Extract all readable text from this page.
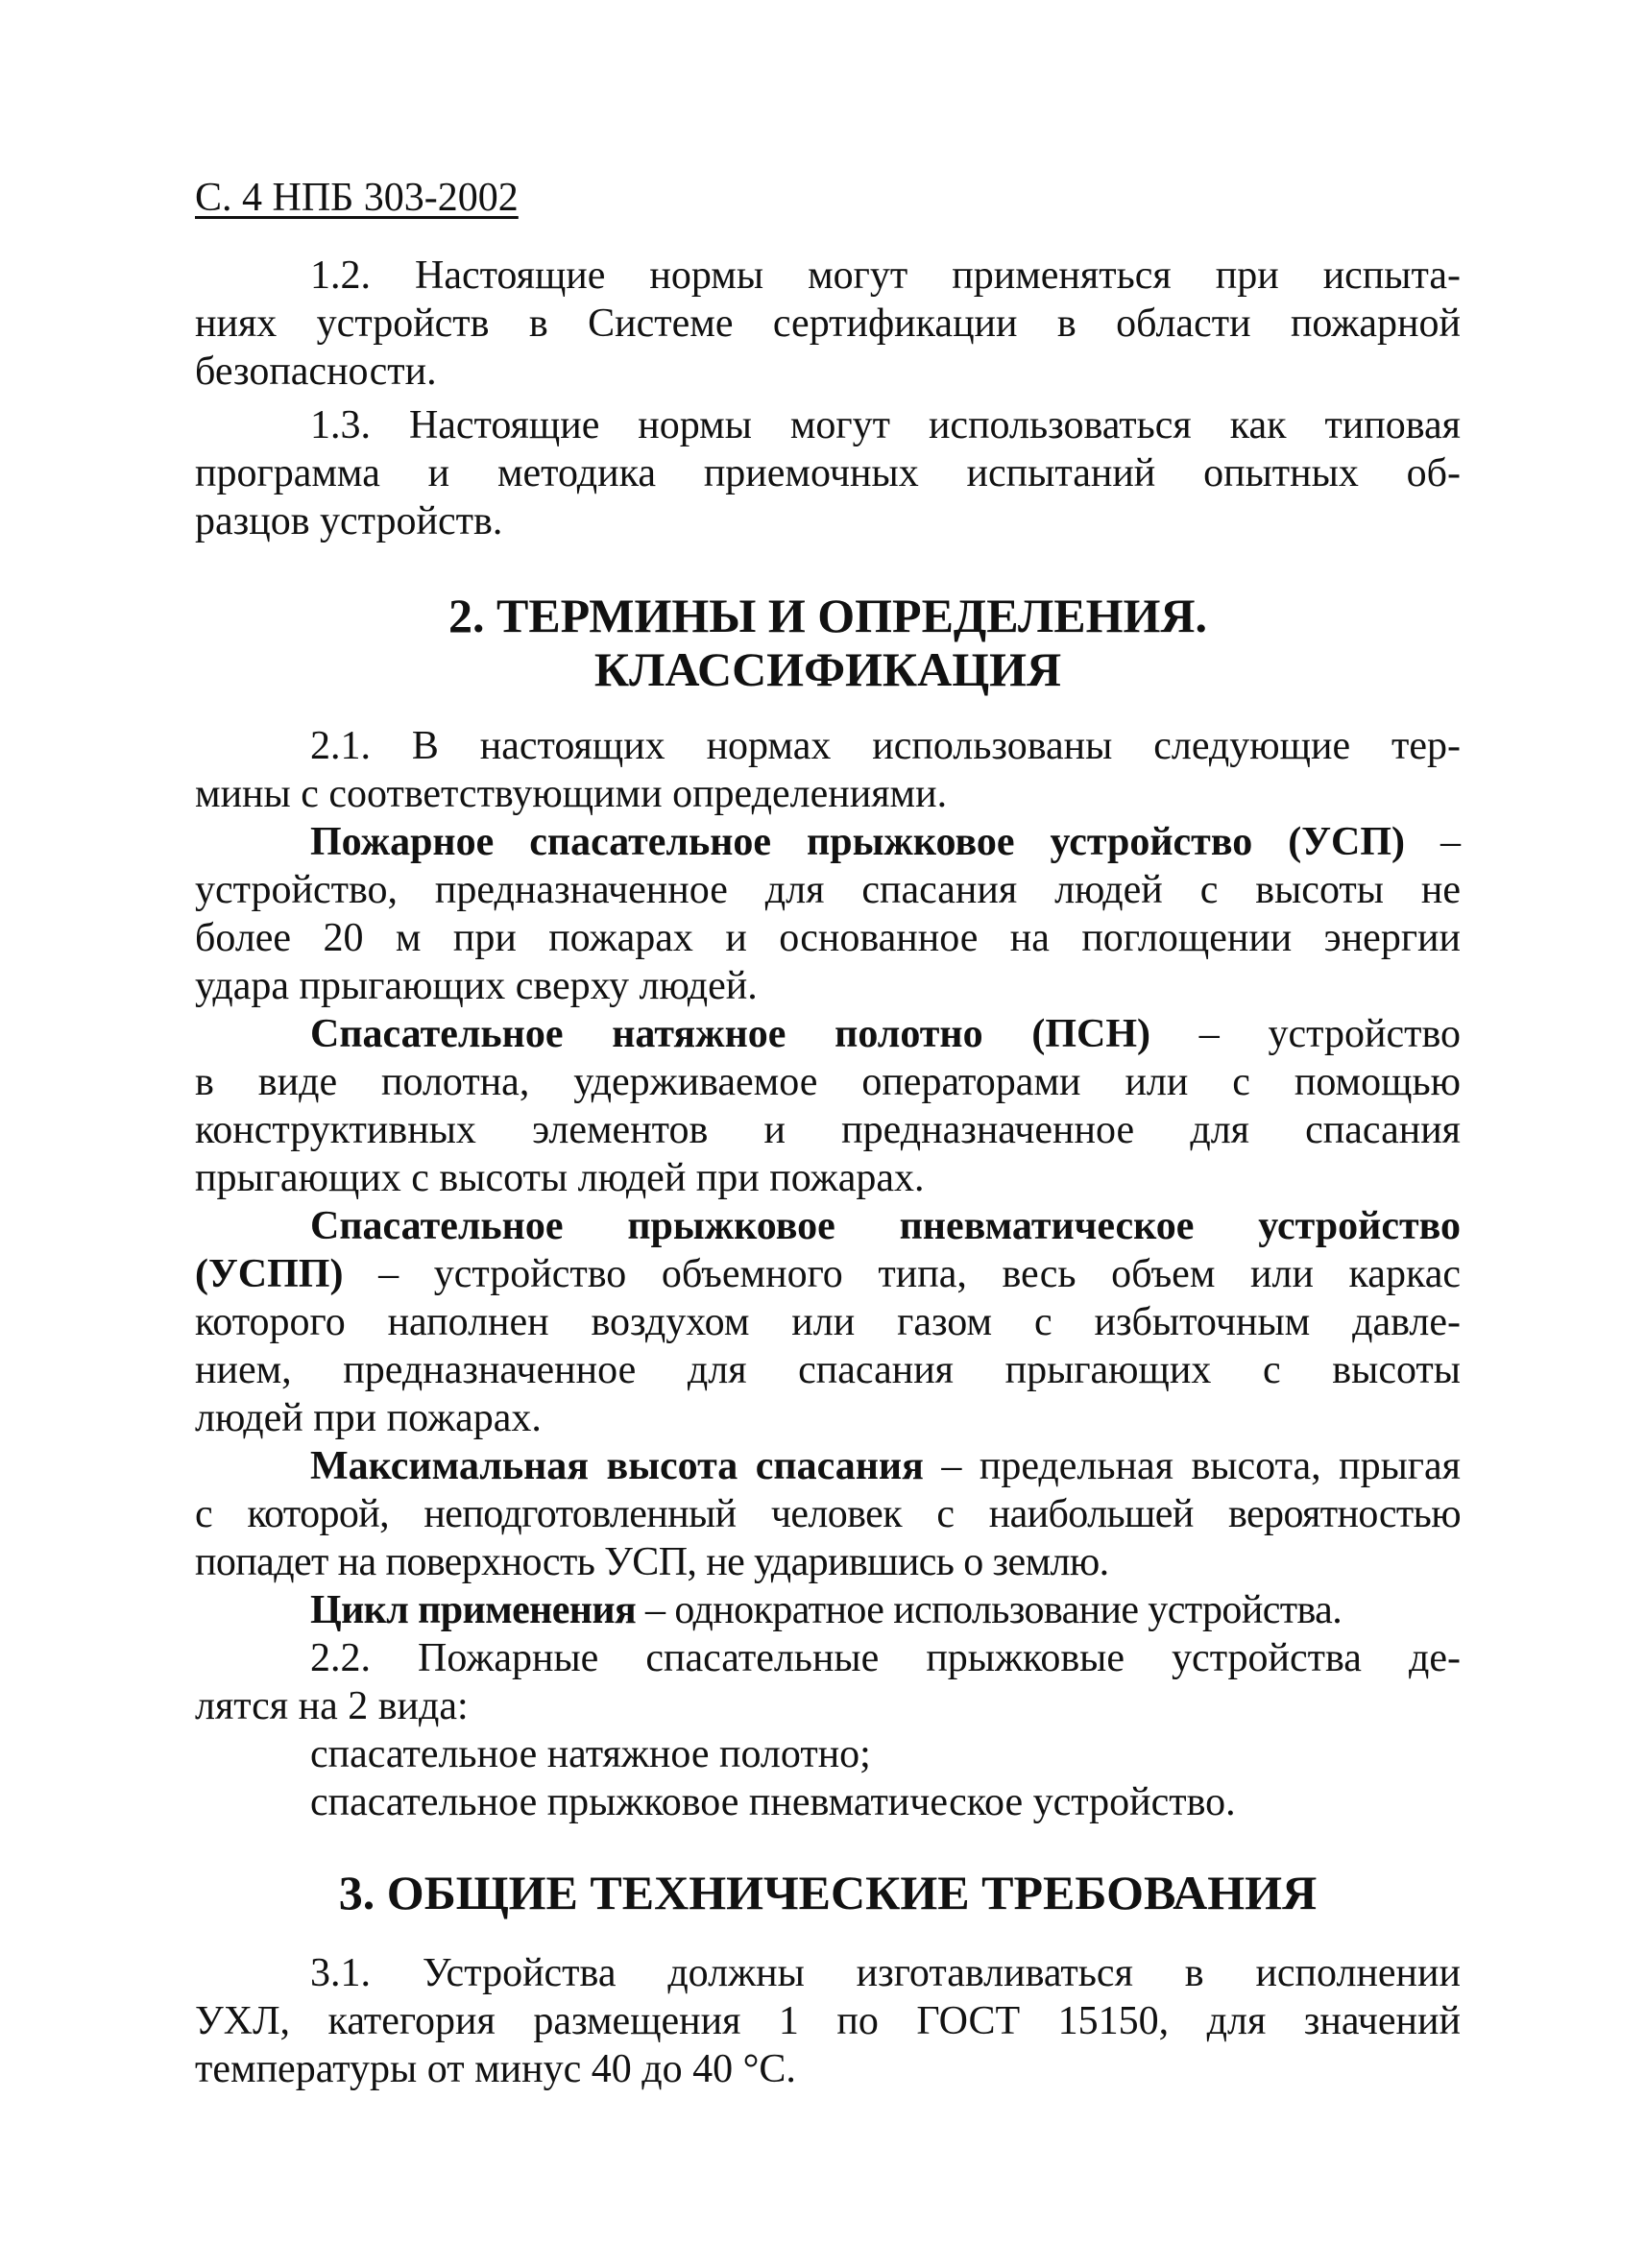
С. 4 НПБ 303-2002
1.2. Настоящие нормы могут применяться при испыта-
ниях устройств в Системе сертификации в области пожарной
безопасности.
1.3. Настоящие нормы могут использоваться как типовая
программа и методика приемочных испытаний опытных об-
разцов устройств.
2. ТЕРМИНЫ И ОПРЕДЕЛЕНИЯ.
КЛАССИФИКАЦИЯ
2.1. В настоящих нормах использованы следующие тер-
мины с соответствующими определениями.
Пожарное спасательное прыжковое устройство (УСП) –
устройство, предназначенное для спасания людей с высоты не
более 20 м при пожарах и основанное на поглощении энергии
удара прыгающих сверху людей.
Спасательное натяжное полотно (ПСН) – устройство
в виде полотна, удерживаемое операторами или с помощью
конструктивных элементов и предназначенное для спасания
прыгающих с высоты людей при пожарах.
Спасательное прыжковое пневматическое устройство
(УСПП) – устройство объемного типа, весь объем или каркас
которого наполнен воздухом или газом с избыточным давле-
нием, предназначенное для спасания прыгающих с высоты
людей при пожарах.
Максимальная высота спасания – предельная высота, прыгая
с которой, неподготовленный человек с наибольшей вероятностью
попадет на поверхность УСП, не ударившись о землю.
Цикл применения – однократное использование устройства.
2.2. Пожарные спасательные прыжковые устройства де-
лятся на 2 вида:
спасательное натяжное полотно;
спасательное прыжковое пневматическое устройство.
3. ОБЩИЕ ТЕХНИЧЕСКИЕ ТРЕБОВАНИЯ
3.1. Устройства должны изготавливаться в исполнении
УХЛ, категория размещения 1 по ГОСТ 15150, для значений
температуры от минус 40 до 40 °С.
